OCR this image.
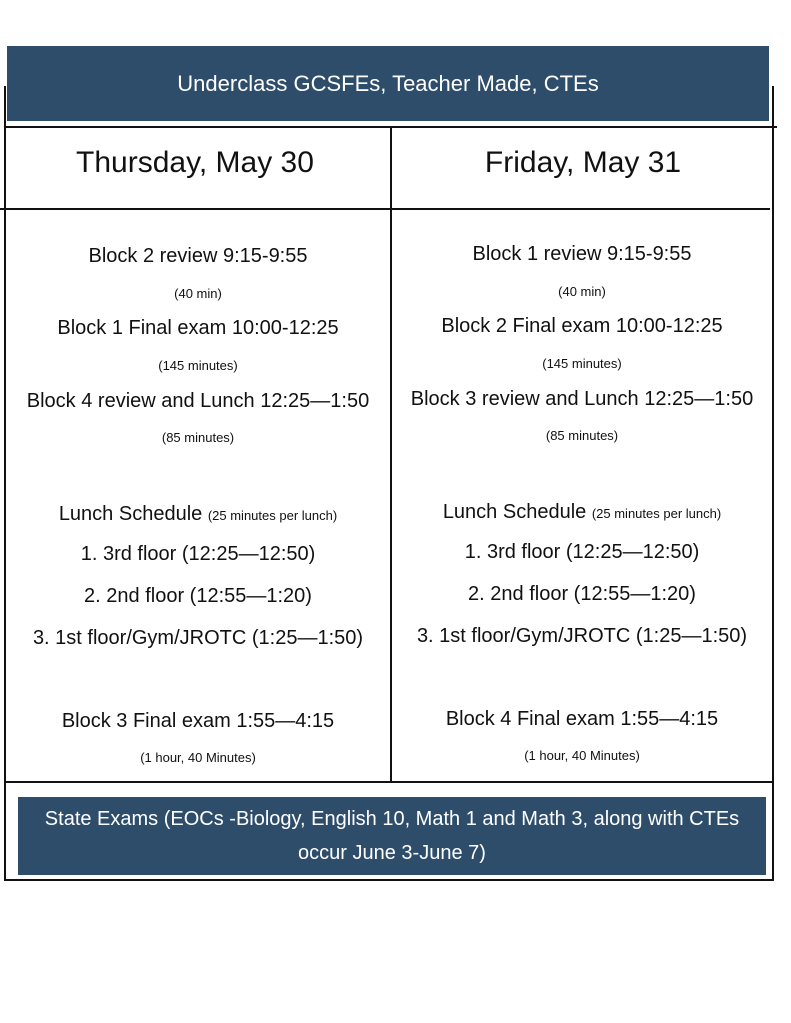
Underclass GCSFEs, Teacher Made, CTEs
Thursday, May 30	Friday, May 31
Block 2 review 9:15-9:55
(40 min)
Block 1 Final exam 10:00-12:25
(145 minutes)
Block 4 review and Lunch 12:25—1:50
(85 minutes)
Lunch Schedule (25 minutes per lunch)
1. 3rd floor (12:25—12:50)
2. 2nd floor (12:55—1:20)
3. 1st floor/Gym/JROTC (1:25—1:50)
Block 3 Final exam 1:55—4:15
(1 hour, 40 Minutes)
Block 1 review 9:15-9:55
(40 min)
Block 2 Final exam 10:00-12:25
(145 minutes)
Block 3 review and Lunch 12:25—1:50
(85 minutes)
Lunch Schedule (25 minutes per lunch)
1. 3rd floor (12:25—12:50)
2. 2nd floor (12:55—1:20)
3. 1st floor/Gym/JROTC (1:25—1:50)
Block 4 Final exam 1:55—4:15
(1 hour, 40 Minutes)
State Exams (EOCs -Biology, English 10, Math 1 and Math 3, along with CTEs occur June 3-June 7)
